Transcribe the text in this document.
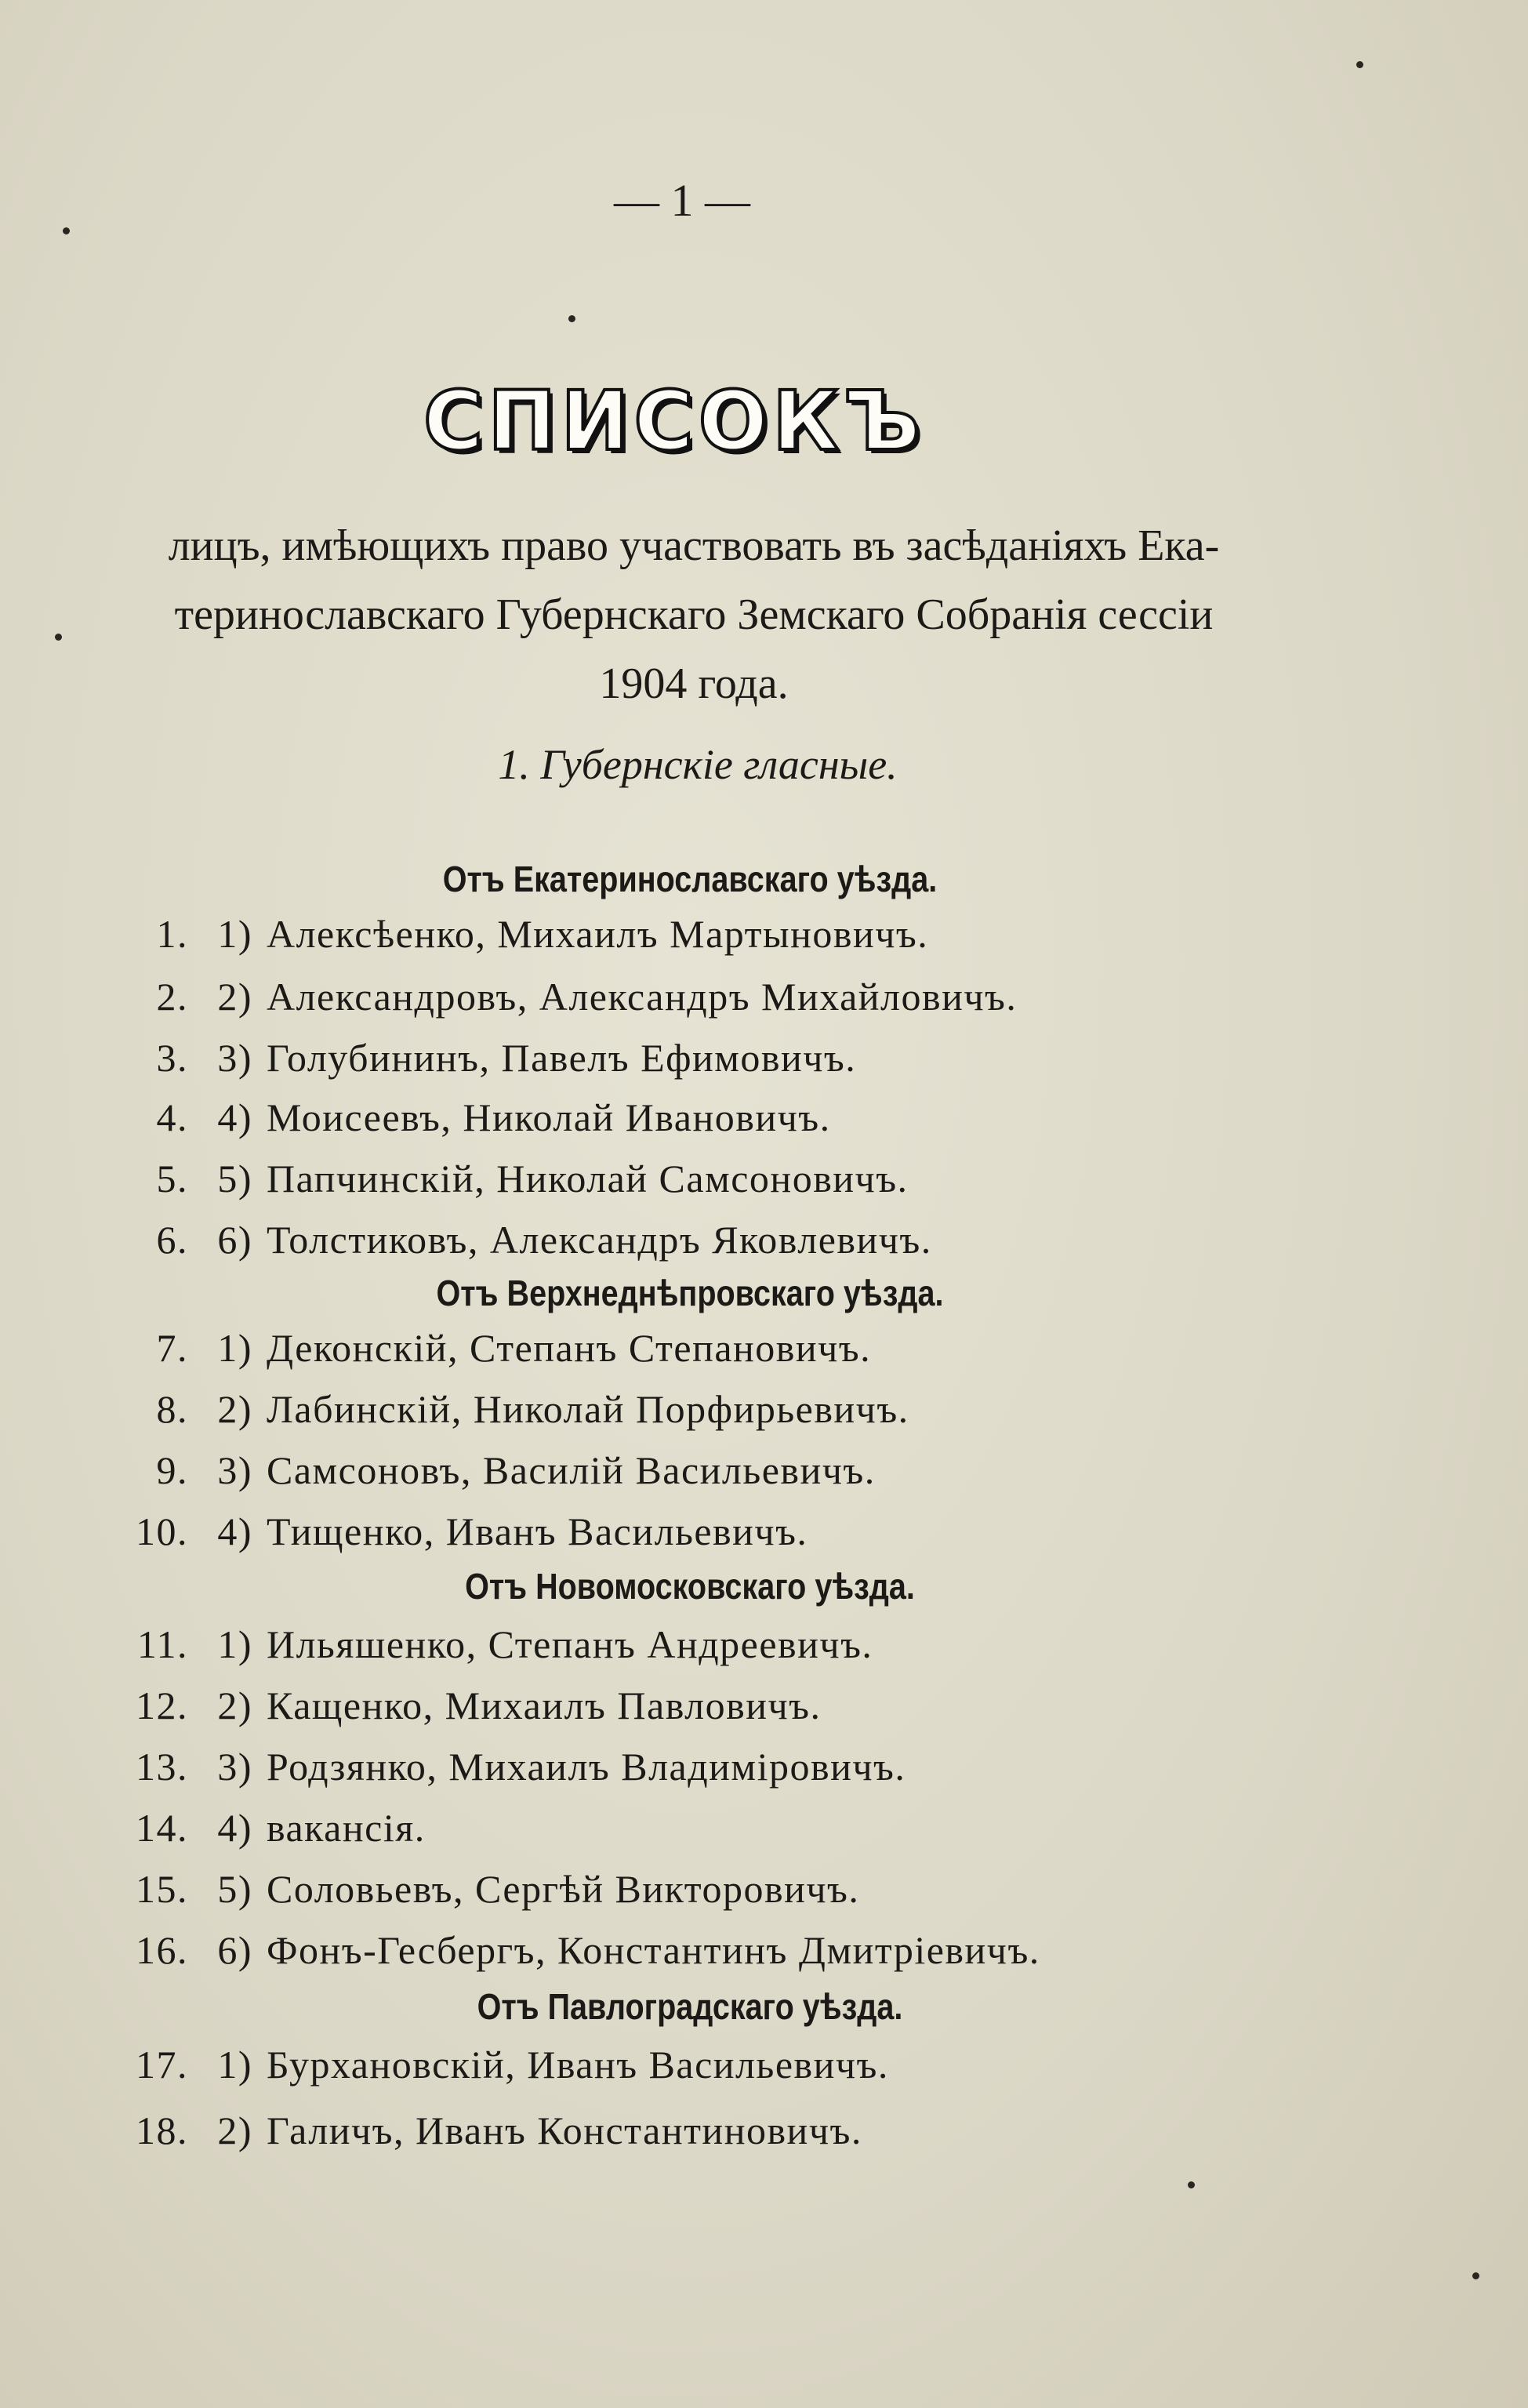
— 1 —
СПИСОКЪ
лицъ, имѣющихъ право участвовать въ засѣданіяхъ Ека-
теринославскаго Губернскаго Земскаго Собранія сессіи
1904 года.
1. Губернскіе гласные.
Отъ Екатеринославскаго уѣзда.
1. 1) Алексѣенко, Михаилъ Мартыновичъ.
2. 2) Александровъ, Александръ Михайловичъ.
3. 3) Голубининъ, Павелъ Ефимовичъ.
4. 4) Моисеевъ, Николай Ивановичъ.
5. 5) Папчинскій, Николай Самсоновичъ.
6. 6) Толстиковъ, Александръ Яковлевичъ.
Отъ Верхнеднѣпровскаго уѣзда.
7. 1) Деконскій, Степанъ Степановичъ.
8. 2) Лабинскій, Николай Порфирьевичъ.
9. 3) Самсоновъ, Василій Васильевичъ.
10. 4) Тищенко, Иванъ Васильевичъ.
Отъ Новомосковскаго уѣзда.
11. 1) Ильяшенко, Степанъ Андреевичъ.
12. 2) Кащенко, Михаилъ Павловичъ.
13. 3) Родзянко, Михаилъ Владиміровичъ.
14. 4) вакансія.
15. 5) Соловьевъ, Сергѣй Викторовичъ.
16. 6) Фонъ-Гесбергъ, Константинъ Дмитріевичъ.
Отъ Павлоградскаго уѣзда.
17. 1) Бурхановскій, Иванъ Васильевичъ.
18. 2) Галичъ, Иванъ Константиновичъ.
